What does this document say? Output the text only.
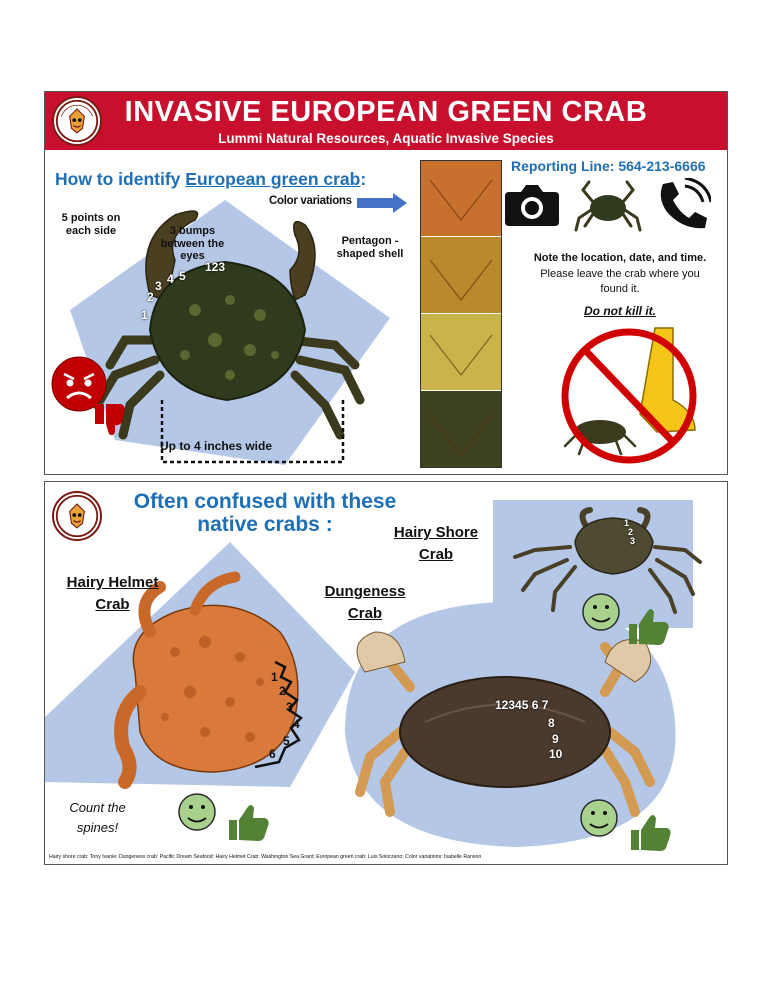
INVASIVE EUROPEAN GREEN CRAB
Lummi Natural Resources, Aquatic Invasive Species
How to identify European green crab:
5 points on each side	3 bumps between the eyes
Pentagon -shaped shell
Up to 4 inches wide
1
2
3 4 5
123
Color variations
Reporting Line: 564-213-6666
Note the location, date, and time.
Please leave the crab where you found it.
Do not kill it.
Often confused with these
native crabs :	Hairy Shore Crab
Hairy Helmet Crab
Dungeness Crab
Count the spines!
1
2
3
4
5
6
12345 6 7
8
9
10
1
2
3
Hairy shore crab: Tony Ivanie; Dungeness crab: Pacific Dream Seafood; Hairy Helmet Crab: Washington Sea Grant; European green crab: Luis Solorzano; Color variations: Isabelle Ranson
